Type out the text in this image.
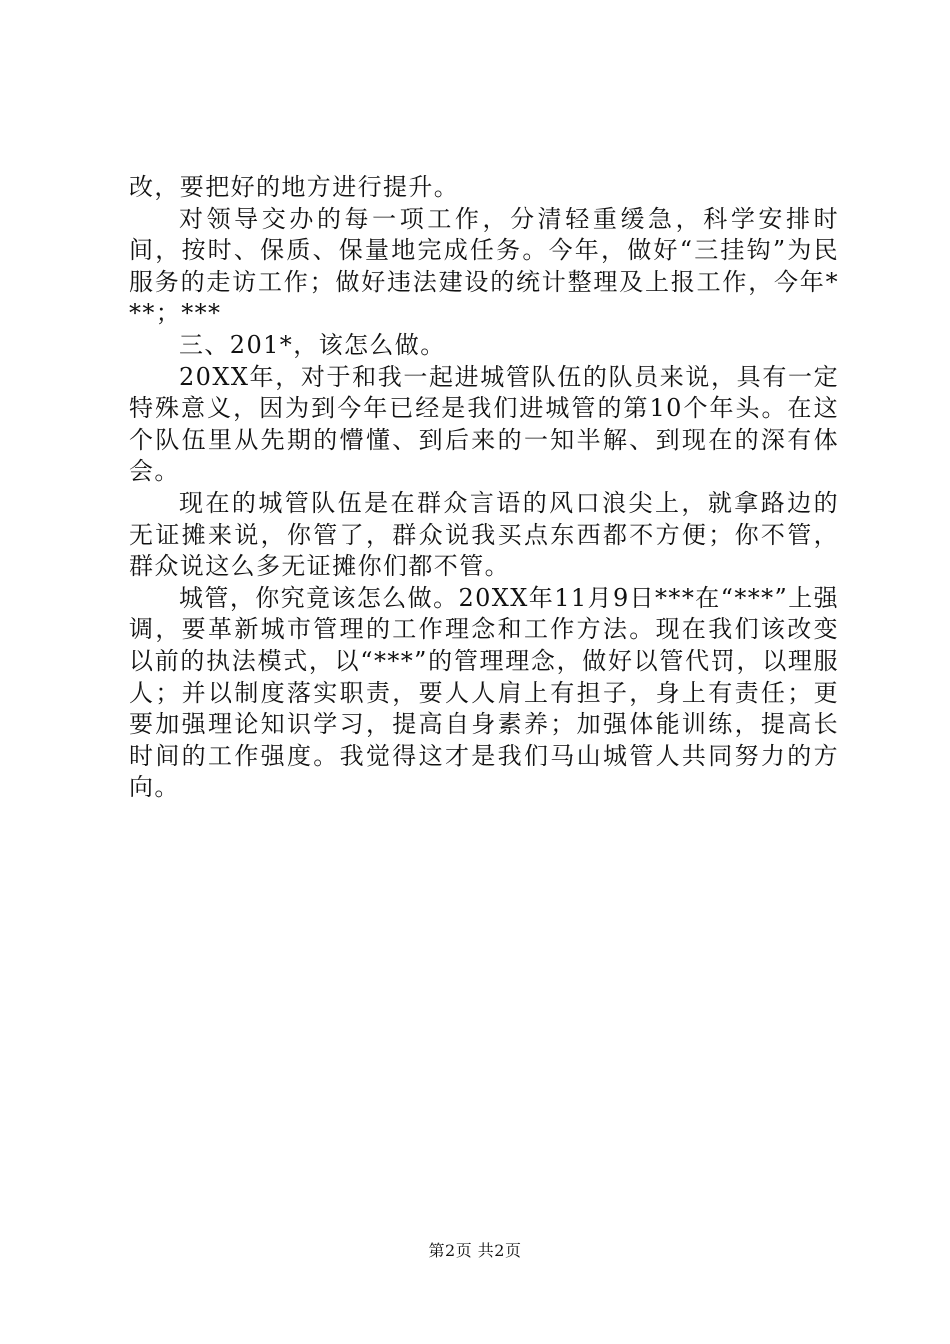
改，要把好的地方进行提升。

对领导交办的每一项工作，分清轻重缓急，科学安排时间，按时、保质、保量地完成任务。今年，做好“三挂钩”为民服务的走访工作；做好违法建设的统计整理及上报工作，今年***；***

三、201*，该怎么做。

20XX年，对于和我一起进城管队伍的队员来说，具有一定特殊意义，因为到今年已经是我们进城管的第10个年头。在这个队伍里从先期的懵懂、到后来的一知半解、到现在的深有体会。

现在的城管队伍是在群众言语的风口浪尖上，就拿路边的无证摊来说，你管了，群众说我买点东西都不方便；你不管，群众说这么多无证摊你们都不管。

城管，你究竟该怎么做。20XX年11月9日***在“***”上强调，要革新城市管理的工作理念和工作方法。现在我们该改变以前的执法模式，以“***”的管理理念，做好以管代罚，以理服人；并以制度落实职责，要人人肩上有担子，身上有责任；更要加强理论知识学习，提高自身素养；加强体能训练，提高长时间的工作强度。我觉得这才是我们马山城管人共同努力的方向。

第2页 共2页
